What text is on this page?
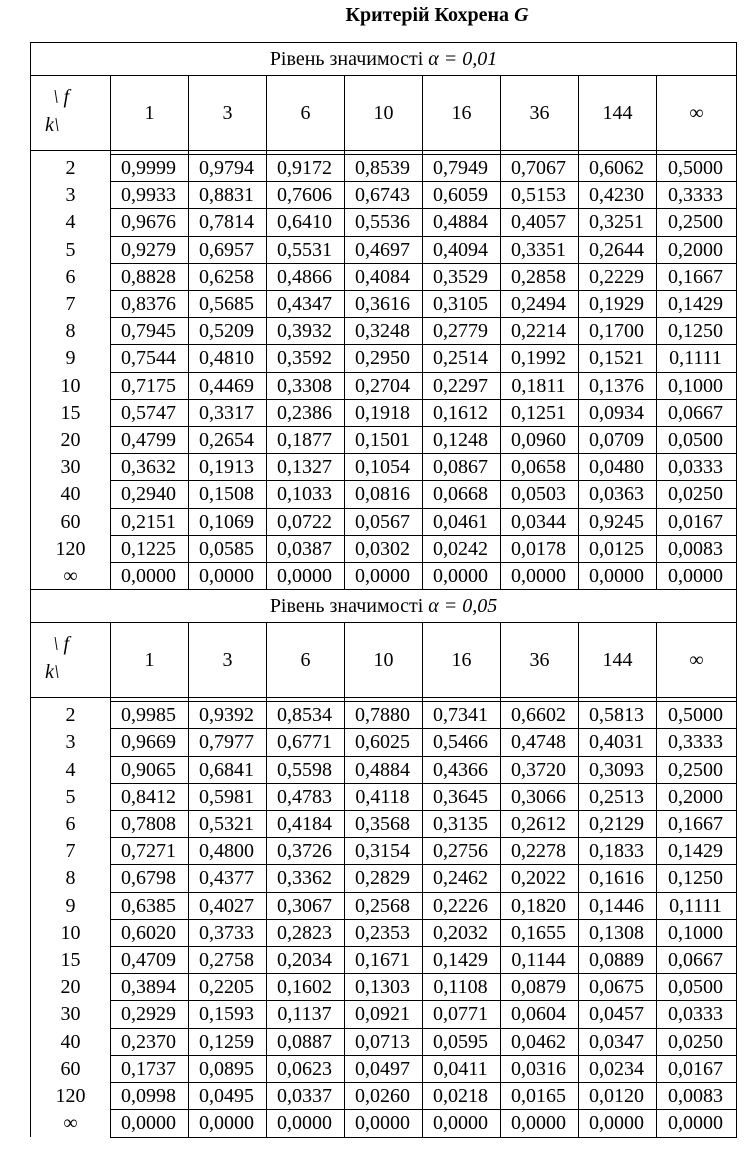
Критерій Кохрена G
Рівень значимості α = 0,01								

\ f
k\	1	3	6	10	16	36	144	∞

2	0,9999	0,9794	0,9172	0,8539	0,7949	0,7067	0,6062	0,5000
3	0,9933	0,8831	0,7606	0,6743	0,6059	0,5153	0,4230	0,3333
4	0,9676	0,7814	0,6410	0,5536	0,4884	0,4057	0,3251	0,2500
5	0,9279	0,6957	0,5531	0,4697	0,4094	0,3351	0,2644	0,2000
6	0,8828	0,6258	0,4866	0,4084	0,3529	0,2858	0,2229	0,1667
7	0,8376	0,5685	0,4347	0,3616	0,3105	0,2494	0,1929	0,1429
8	0,7945	0,5209	0,3932	0,3248	0,2779	0,2214	0,1700	0,1250
9	0,7544	0,4810	0,3592	0,2950	0,2514	0,1992	0,1521	0,1111
10	0,7175	0,4469	0,3308	0,2704	0,2297	0,1811	0,1376	0,1000
15	0,5747	0,3317	0,2386	0,1918	0,1612	0,1251	0,0934	0,0667
20	0,4799	0,2654	0,1877	0,1501	0,1248	0,0960	0,0709	0,0500
30	0,3632	0,1913	0,1327	0,1054	0,0867	0,0658	0,0480	0,0333
40	0,2940	0,1508	0,1033	0,0816	0,0668	0,0503	0,0363	0,0250
60	0,2151	0,1069	0,0722	0,0567	0,0461	0,0344	0,9245	0,0167
120	0,1225	0,0585	0,0387	0,0302	0,0242	0,0178	0,0125	0,0083
∞	0,0000	0,0000	0,0000	0,0000	0,0000	0,0000	0,0000	0,0000
Рівень значимості α = 0,05								

\ f
k\	1	3	6	10	16	36	144	∞

2	0,9985	0,9392	0,8534	0,7880	0,7341	0,6602	0,5813	0,5000
3	0,9669	0,7977	0,6771	0,6025	0,5466	0,4748	0,4031	0,3333
4	0,9065	0,6841	0,5598	0,4884	0,4366	0,3720	0,3093	0,2500
5	0,8412	0,5981	0,4783	0,4118	0,3645	0,3066	0,2513	0,2000
6	0,7808	0,5321	0,4184	0,3568	0,3135	0,2612	0,2129	0,1667
7	0,7271	0,4800	0,3726	0,3154	0,2756	0,2278	0,1833	0,1429
8	0,6798	0,4377	0,3362	0,2829	0,2462	0,2022	0,1616	0,1250
9	0,6385	0,4027	0,3067	0,2568	0,2226	0,1820	0,1446	0,1111
10	0,6020	0,3733	0,2823	0,2353	0,2032	0,1655	0,1308	0,1000
15	0,4709	0,2758	0,2034	0,1671	0,1429	0,1144	0,0889	0,0667
20	0,3894	0,2205	0,1602	0,1303	0,1108	0,0879	0,0675	0,0500
30	0,2929	0,1593	0,1137	0,0921	0,0771	0,0604	0,0457	0,0333
40	0,2370	0,1259	0,0887	0,0713	0,0595	0,0462	0,0347	0,0250
60	0,1737	0,0895	0,0623	0,0497	0,0411	0,0316	0,0234	0,0167
120	0,0998	0,0495	0,0337	0,0260	0,0218	0,0165	0,0120	0,0083
∞	0,0000	0,0000	0,0000	0,0000	0,0000	0,0000	0,0000	0,0000
